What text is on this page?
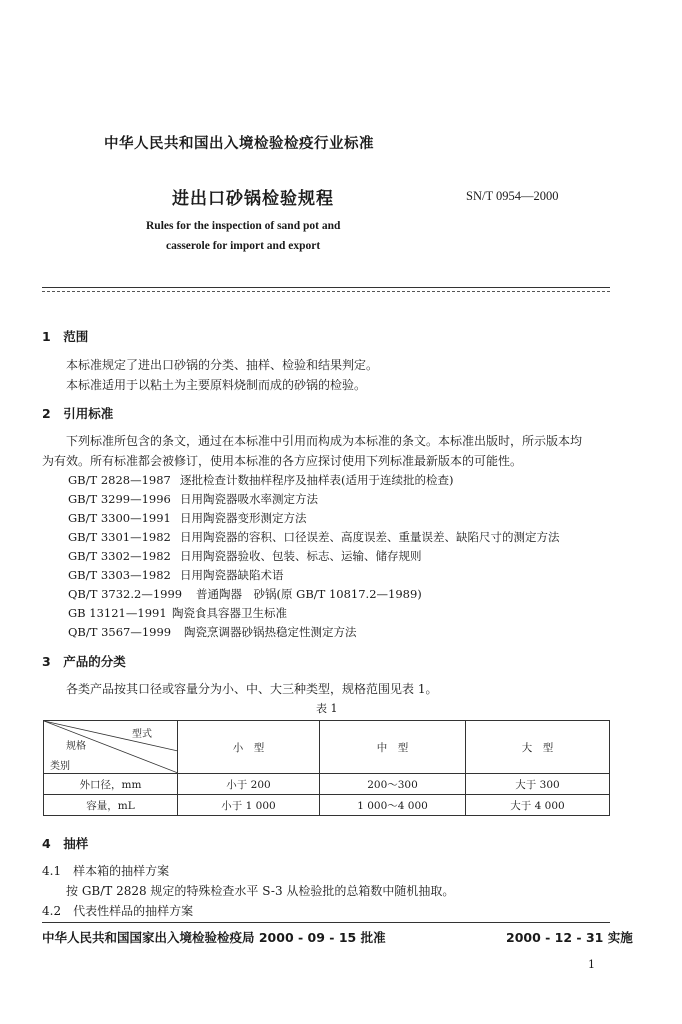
中华人民共和国出入境检验检疫行业标准
进出口砂锅检验规程	SN/T 0954—2000
Rules for the inspection of sand pot and
casserole for import and export
1　范围
本标准规定了进出口砂锅的分类、抽样、检验和结果判定。
本标准适用于以粘土为主要原料烧制而成的砂锅的检验。
2　引用标准
下列标准所包含的条文，通过在本标准中引用而构成为本标准的条文。本标准出版时，所示版本均
为有效。所有标准都会被修订，使用本标准的各方应探讨使用下列标准最新版本的可能性。
GB/T 2828—1987 逐批检查计数抽样程序及抽样表(适用于连续批的检查)
GB/T 3299—1996 日用陶瓷器吸水率测定方法
GB/T 3300—1991 日用陶瓷器变形测定方法
GB/T 3301—1982 日用陶瓷器的容积、口径误差、高度误差、重量误差、缺陷尺寸的测定方法
GB/T 3302—1982 日用陶瓷器验收、包装、标志、运输、储存规则
GB/T 3303—1982 日用陶瓷器缺陷术语
QB/T 3732.2—1999 普通陶器　砂锅(原 GB/T 10817.2—1989)
GB 13121—1991 陶瓷食具容器卫生标准
QB/T 3567—1999 陶瓷烹调器砂锅热稳定性测定方法
3　产品的分类
各类产品按其口径或容量分为小、中、大三种类型，规格范围见表 1。
表 1
型式
规格
类别	小　型	中　型	大　型
外口径，mm	小于 200	200～300	大于 300
容量，mL	小于 1 000	1 000～4 000	大于 4 000
4　抽样
4.1　样本箱的抽样方案
按 GB/T 2828 规定的特殊检查水平 S-3 从检验批的总箱数中随机抽取。
4.2　代表性样品的抽样方案
中华人民共和国国家出入境检验检疫局 2000 - 09 - 15 批准	2000 - 12 - 31 实施
1
